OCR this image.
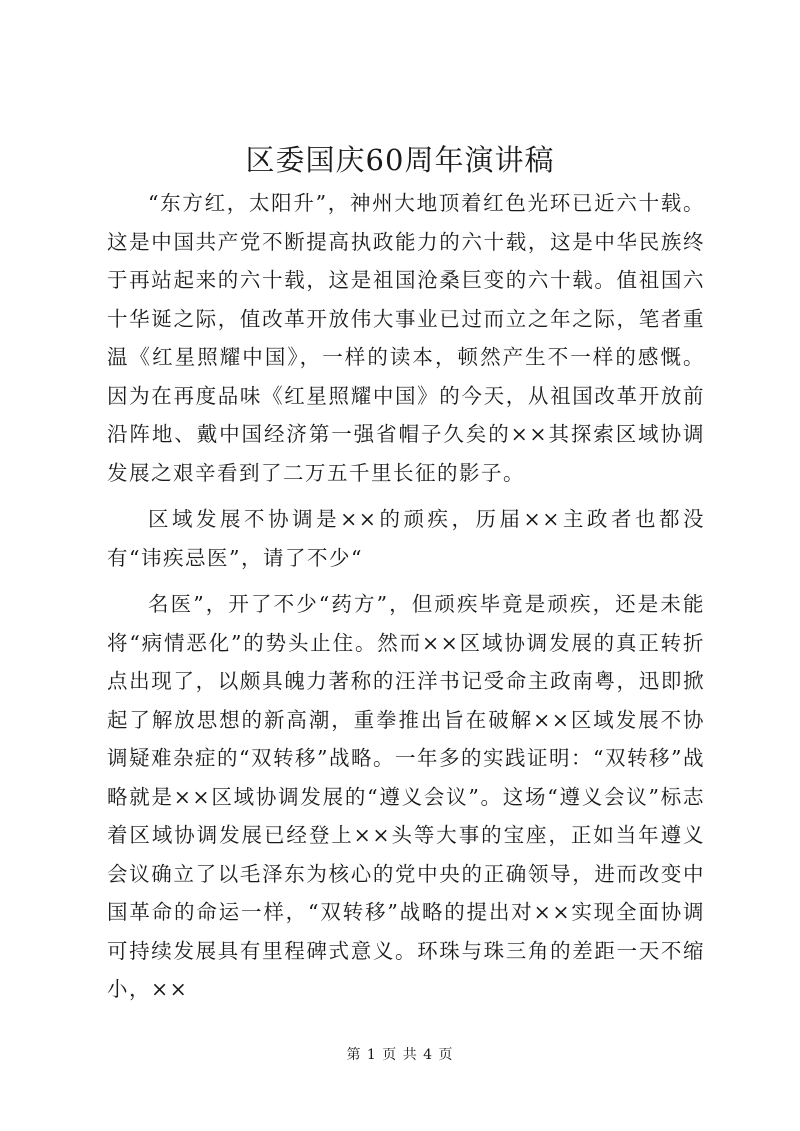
区委国庆60周年演讲稿

“东方红，太阳升”，神州大地顶着红色光环已近六十载。这是中国共产党不断提高执政能力的六十载，这是中华民族终于再站起来的六十载，这是祖国沧桑巨变的六十载。值祖国六十华诞之际，值改革开放伟大事业已过而立之年之际，笔者重温《红星照耀中国》，一样的读本，顿然产生不一样的感慨。因为在再度品味《红星照耀中国》的今天，从祖国改革开放前沿阵地、戴中国经济第一强省帽子久矣的××其探索区域协调发展之艰辛看到了二万五千里长征的影子。

区域发展不协调是××的顽疾，历届××主政者也都没有“讳疾忌医”，请了不少“

名医”，开了不少“药方”，但顽疾毕竟是顽疾，还是未能将“病情恶化”的势头止住。然而××区域协调发展的真正转折点出现了，以颇具魄力著称的汪洋书记受命主政南粤，迅即掀起了解放思想的新高潮，重拳推出旨在破解××区域发展不协调疑难杂症的“双转移”战略。一年多的实践证明：“双转移”战略就是××区域协调发展的“遵义会议”。这场“遵义会议”标志着区域协调发展已经登上××头等大事的宝座，正如当年遵义会议确立了以毛泽东为核心的党中央的正确领导，进而改变中国革命的命运一样，“双转移”战略的提出对××实现全面协调可持续发展具有里程碑式意义。环珠与珠三角的差距一天不缩小，××

第 1 页 共 4 页
